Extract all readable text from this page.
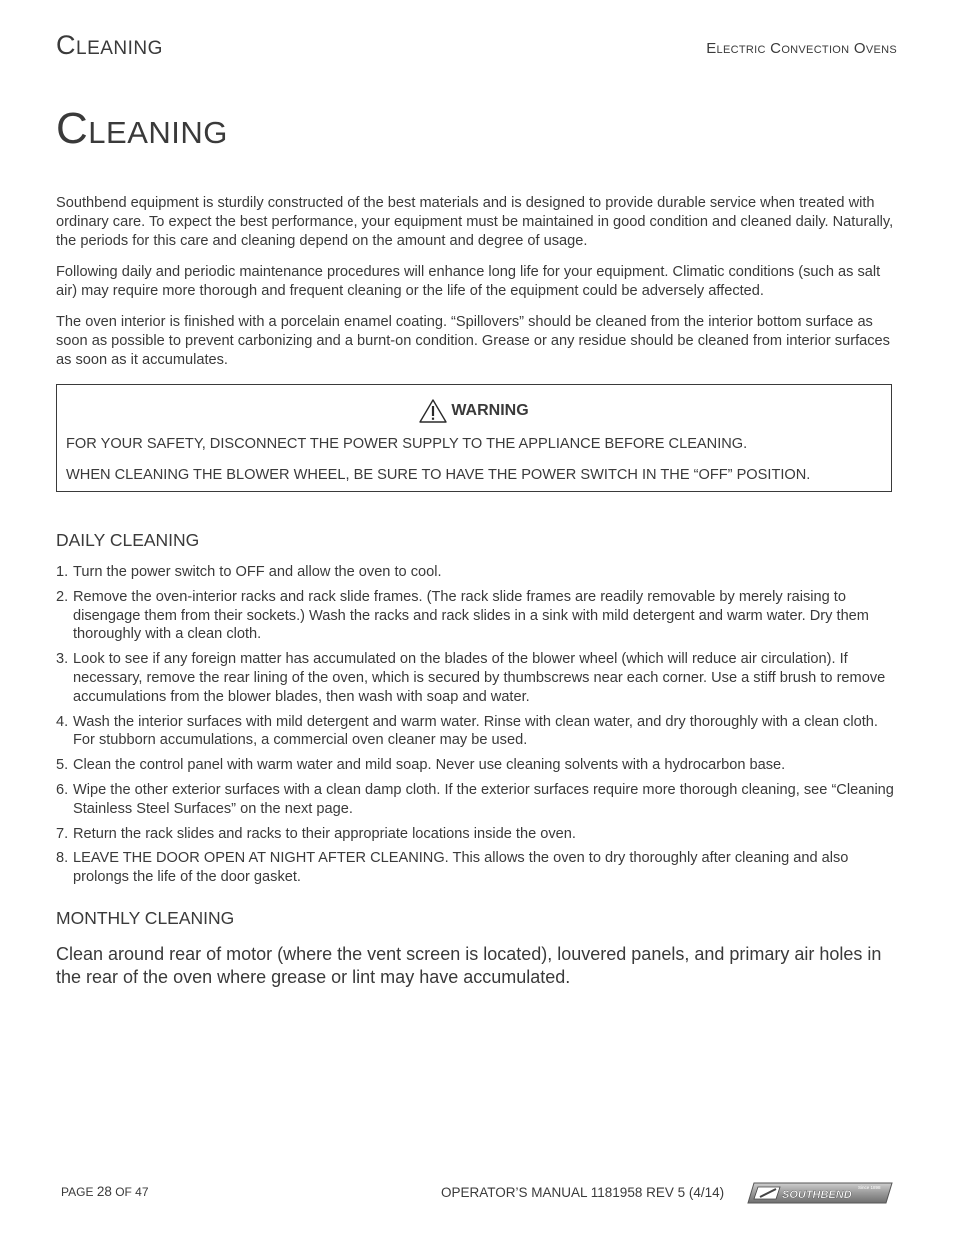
Cleaning	Electric Convection Ovens
Cleaning

Southbend equipment is sturdily constructed of the best materials and is designed to provide durable service when treated with ordinary care. To expect the best performance, your equipment must be maintained in good condition and cleaned daily. Naturally, the periods for this care and cleaning depend on the amount and degree of usage.

Following daily and periodic maintenance procedures will enhance long life for your equipment. Climatic conditions (such as salt air) may require more thorough and frequent cleaning or the life of the equipment could be adversely affected.

The oven interior is finished with a porcelain enamel coating. “Spillovers” should be cleaned from the interior bottom surface as soon as possible to prevent carbonizing and a burnt-on condition. Grease or any residue should be cleaned from interior surfaces as soon as it accumulates.

WARNING

FOR YOUR SAFETY, DISCONNECT THE POWER SUPPLY TO THE APPLIANCE BEFORE CLEANING.

WHEN CLEANING THE BLOWER WHEEL, BE SURE TO HAVE THE POWER SWITCH IN THE “OFF” POSITION.

DAILY CLEANING
1. Turn the power switch to OFF and allow the oven to cool.
2. Remove the oven-interior racks and rack slide frames. (The rack slide frames are readily removable by merely raising to disengage them from their sockets.) Wash the racks and rack slides in a sink with mild detergent and warm water. Dry them thoroughly with a clean cloth.
3. Look to see if any foreign matter has accumulated on the blades of the blower wheel (which will reduce air circulation). If necessary, remove the rear lining of the oven, which is secured by thumbscrews near each corner. Use a stiff brush to remove accumulations from the blower blades, then wash with soap and water.
4. Wash the interior surfaces with mild detergent and warm water. Rinse with clean water, and dry thoroughly with a clean cloth. For stubborn accumulations, a commercial oven cleaner may be used.
5. Clean the control panel with warm water and mild soap. Never use cleaning solvents with a hydrocarbon base.
6. Wipe the other exterior surfaces with a clean damp cloth. If the exterior surfaces require more thorough cleaning, see “Cleaning Stainless Steel Surfaces” on the next page.
7. Return the rack slides and racks to their appropriate locations inside the oven.
8. LEAVE THE DOOR OPEN AT NIGHT AFTER CLEANING. This allows the oven to dry thoroughly after cleaning and also prolongs the life of the door gasket.
MONTHLY CLEANING

Clean around rear of motor (where the vent screen is located), louvered panels, and primary air holes in the rear of the oven where grease or lint may have accumulated.

PAGE 28 OF 47	OPERATOR’S MANUAL 1181958 REV 5 (4/14)	SOUTHBEND
Since 1898
